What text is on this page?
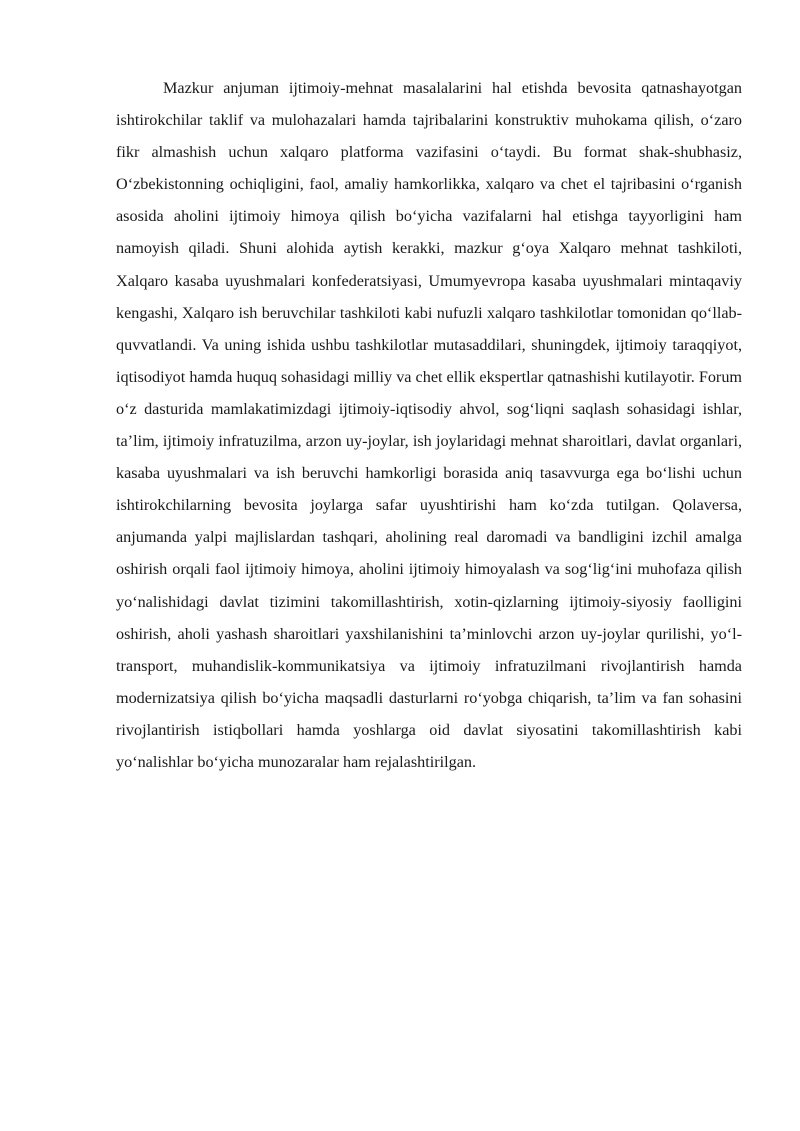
Mazkur anjuman ijtimoiy-mehnat masalalarini hal etishda bevosita qatnashayotgan ishtirokchilar taklif va mulohazalari hamda tajribalarini konstruktiv muhokama qilish, o‘zaro fikr almashish uchun xalqaro platforma vazifasini o‘taydi. Bu format shak-shubhasiz, O‘zbekistonning ochiqligini, faol, amaliy hamkorlikka, xalqaro va chet el tajribasini o‘rganish asosida aholini ijtimoiy himoya qilish bo‘yicha vazifalarni hal etishga tayyorligini ham namoyish qiladi. Shuni alohida aytish kerakki, mazkur g‘oya Xalqaro mehnat tashkiloti, Xalqaro kasaba uyushmalari konfederatsiyasi, Umumyevropa kasaba uyushmalari mintaqaviy kengashi, Xalqaro ish beruvchilar tashkiloti kabi nufuzli xalqaro tashkilotlar tomonidan qo‘llab-quvvatlandi. Va uning ishida ushbu tashkilotlar mutasaddilari, shuningdek, ijtimoiy taraqqiyot, iqtisodiyot hamda huquq sohasidagi milliy va chet ellik ekspertlar qatnashishi kutilayotir. Forum o‘z dasturida mamlakatimizdagi ijtimoiy-iqtisodiy ahvol, sog‘liqni saqlash sohasidagi ishlar, ta’lim, ijtimoiy infratuzilma, arzon uy-joylar, ish joylaridagi mehnat sharoitlari, davlat organlari, kasaba uyushmalari va ish beruvchi hamkorligi borasida aniq tasavvurga ega bo‘lishi uchun ishtirokchilarning bevosita joylarga safar uyushtirishi ham ko‘zda tutilgan. Qolaversa, anjumanda yalpi majlislardan tashqari, aholining real daromadi va bandligini izchil amalga oshirish orqali faol ijtimoiy himoya, aholini ijtimoiy himoyalash va sog‘lig‘ini muhofaza qilish yo‘nalishidagi davlat tizimini takomillashtirish, xotin-qizlarning ijtimoiy-siyosiy faolligini oshirish, aholi yashash sharoitlari yaxshilanishini ta’minlovchi arzon uy-joylar qurilishi, yo‘l-transport, muhandislik-kommunikatsiya va ijtimoiy infratuzilmani rivojlantirish hamda modernizatsiya qilish bo‘yicha maqsadli dasturlarni ro‘yobga chiqarish, ta’lim va fan sohasini rivojlantirish istiqbollari hamda yoshlarga oid davlat siyosatini takomillashtirish kabi yo‘nalishlar bo‘yicha munozaralar ham rejalashtirilgan.
